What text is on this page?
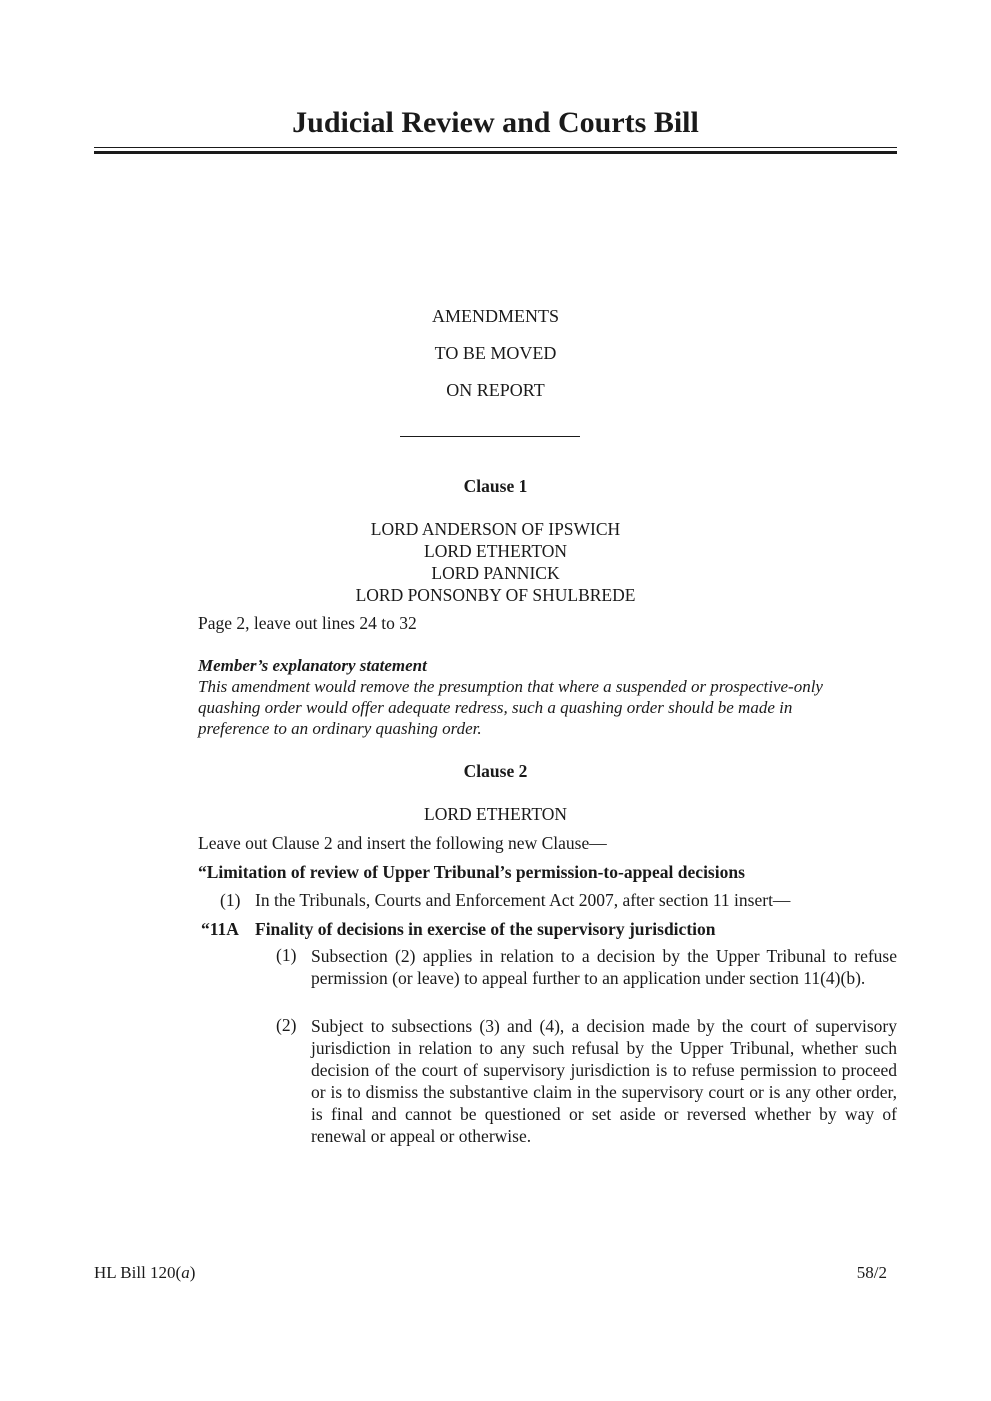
Judicial Review and Courts Bill
AMENDMENTS
TO BE MOVED
ON REPORT
Clause 1
LORD ANDERSON OF IPSWICH
LORD ETHERTON
LORD PANNICK
LORD PONSONBY OF SHULBREDE
Page 2, leave out lines 24 to 32
Member’s explanatory statement
This amendment would remove the presumption that where a suspended or prospective-only
quashing order would offer adequate redress, such a quashing order should be made in
preference to an ordinary quashing order.
Clause 2
LORD ETHERTON
Leave out Clause 2 and insert the following new Clause—
“Limitation of review of Upper Tribunal’s permission-to-appeal decisions
(1) In the Tribunals, Courts and Enforcement Act 2007, after section 11 insert—
“11A Finality of decisions in exercise of the supervisory jurisdiction
(1) Subsection (2) applies in relation to a decision by the Upper Tribunal to refuse permission (or leave) to appeal further to an application under section 11(4)(b).
(2) Subject to subsections (3) and (4), a decision made by the court of supervisory jurisdiction in relation to any such refusal by the Upper Tribunal, whether such decision of the court of supervisory jurisdiction is to refuse permission to proceed or is to dismiss the substantive claim in the supervisory court or is any other order, is final and cannot be questioned or set aside or reversed whether by way of renewal or appeal or otherwise.
HL Bill 120(a)	58/2
